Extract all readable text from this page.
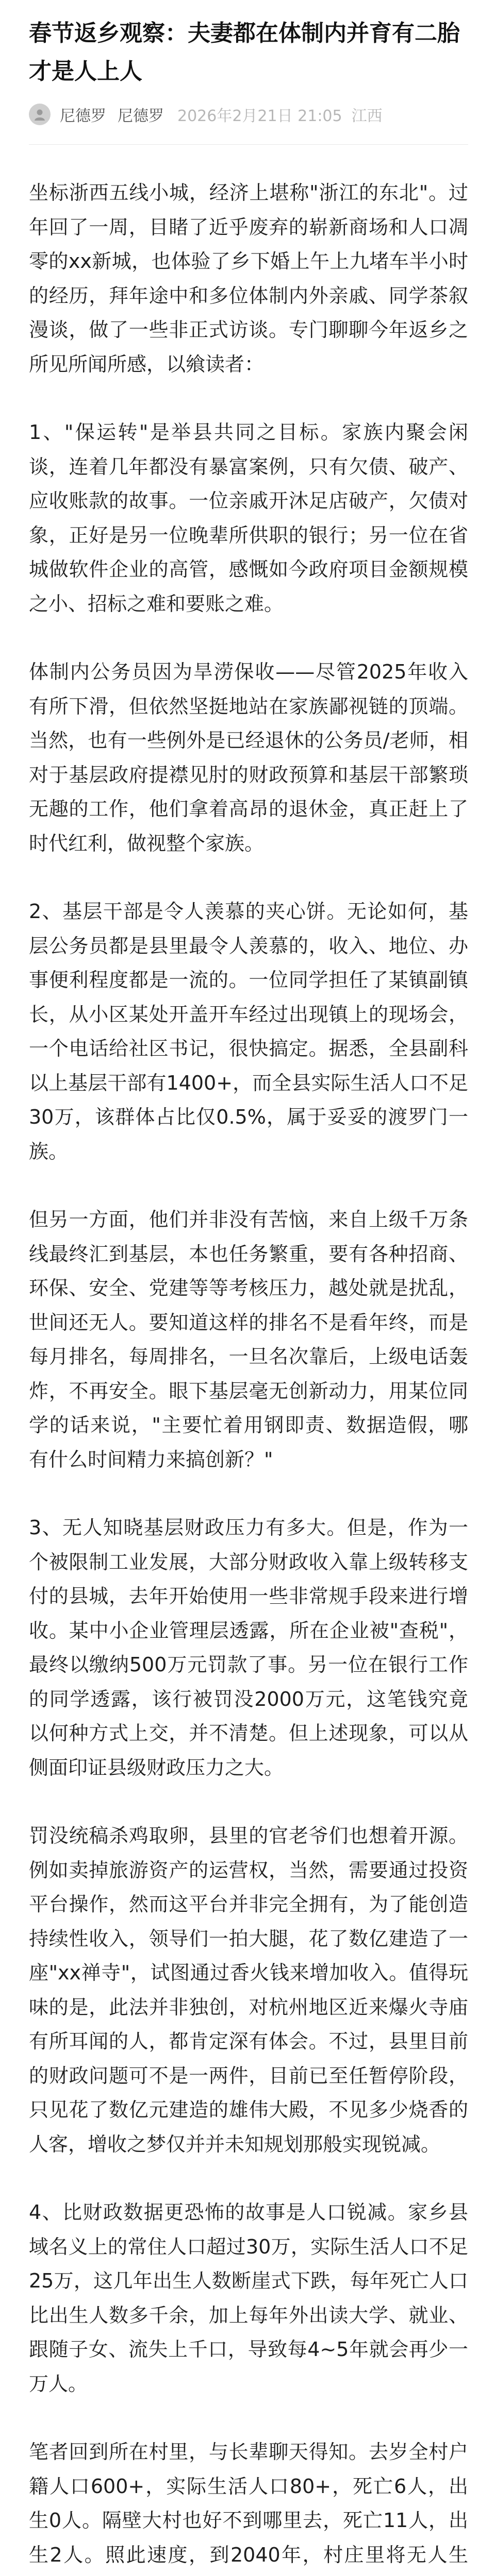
春节返乡观察：夫妻都在体制内并育有二胎才是人上人
尼德罗 尼德罗 2026年2月21日 21:05 江西

坐标浙西五线小城，经济上堪称"浙江的东北"。过年回了一周，目睹了近乎废弃的崭新商场和人口凋零的xx新城，也体验了乡下婚上午上九堵车半小时的经历，拜年途中和多位体制内外亲戚、同学茶叙漫谈，做了一些非正式访谈。专门聊聊今年返乡之所见所闻所感，以飨读者：

1、"保运转"是举县共同之目标。家族内聚会闲谈，连着几年都没有暴富案例，只有欠债、破产、应收账款的故事。一位亲戚开沐足店破产，欠债对象，正好是另一位晚辈所供职的银行；另一位在省城做软件企业的高管，感慨如今政府项目金额规模之小、招标之难和要账之难。

体制内公务员因为旱涝保收——尽管2025年收入有所下滑，但依然坚挺地站在家族鄙视链的顶端。当然，也有一些例外是已经退休的公务员/老师，相对于基层政府提襟见肘的财政预算和基层干部繁琐无趣的工作，他们拿着高昂的退休金，真正赶上了时代红利，做视整个家族。

2、基层干部是令人羡慕的夹心饼。无论如何，基层公务员都是县里最令人羡慕的，收入、地位、办事便利程度都是一流的。一位同学担任了某镇副镇长，从小区某处开盖开车经过出现镇上的现场会，一个电话给社区书记，很快搞定。据悉，全县副科以上基层干部有1400+，而全县实际生活人口不足30万，该群体占比仅0.5%，属于妥妥的渡罗门一族。

但另一方面，他们并非没有苦恼，来自上级千万条线最终汇到基层，本也任务繁重，要有各种招商、环保、安全、党建等等考核压力，越处就是扰乱，世间还无人。要知道这样的排名不是看年终，而是每月排名，每周排名，一旦名次靠后，上级电话轰炸，不再安全。眼下基层毫无创新动力，用某位同学的话来说，"主要忙着用钢即责、数据造假，哪有什么时间精力来搞创新？"

3、无人知晓基层财政压力有多大。但是，作为一个被限制工业发展，大部分财政收入靠上级转移支付的县城，去年开始使用一些非常规手段来进行增收。某中小企业管理层透露，所在企业被"查税"，最终以缴纳500万元罚款了事。另一位在银行工作的同学透露，该行被罚没2000万元，这笔钱究竟以何种方式上交，并不清楚。但上述现象，可以从侧面印证县级财政压力之大。

罚没统稿杀鸡取卵，县里的官老爷们也想着开源。例如卖掉旅游资产的运营权，当然，需要通过投资平台操作，然而这平台并非完全拥有，为了能创造持续性收入，领导们一拍大腿，花了数亿建造了一座"xx禅寺"，试图通过香火钱来增加收入。值得玩味的是，此法并非独创，对杭州地区近来爆火寺庙有所耳闻的人，都肯定深有体会。不过，县里目前的财政问题可不是一两件，目前已至任暂停阶段，只见花了数亿元建造的雄伟大殿，不见多少烧香的人客，增收之梦仅并并未知规划那般实现锐减。

4、比财政数据更恐怖的故事是人口锐减。家乡县域名义上的常住人口超过30万，实际生活人口不足25万，这几年出生人数断崖式下跌，每年死亡人口比出生人数多千余，加上每年外出读大学、就业、跟随子女、流失上千口，导致每4~5年就会再少一万人。

笔者回到所在村里，与长辈聊天得知。去岁全村户籍人口600+，实际生活人口80+，死亡6人，出生0人。隔壁大村也好不到哪里去，死亡11人，出生2人。照此速度，到2040年，村庄里将无人生
